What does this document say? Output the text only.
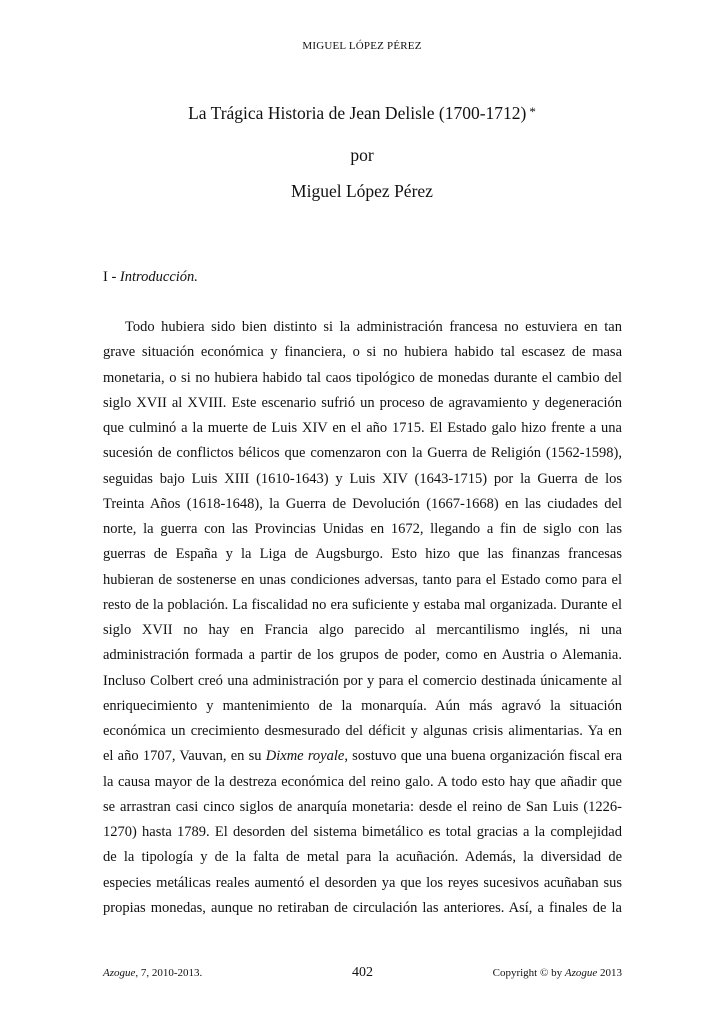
MIGUEL LÓPEZ PÉREZ
La Trágica Historia de Jean Delisle (1700-1712) *
por
Miguel López Pérez
I - Introducción.
Todo hubiera sido bien distinto si la administración francesa no estuviera en tan
grave situación económica y financiera, o si no hubiera habido tal escasez de masa
monetaria, o si no hubiera habido tal caos tipológico de monedas durante el cambio del
siglo XVII al XVIII. Este escenario sufrió un proceso de agravamiento y degeneración
que culminó a la muerte de Luis XIV en el año 1715. El Estado galo hizo frente a una
sucesión de conflictos bélicos que comenzaron con la Guerra de Religión (1562-1598),
seguidas bajo Luis XIII (1610-1643) y Luis XIV (1643-1715) por la Guerra de los
Treinta Años (1618-1648), la Guerra de Devolución (1667-1668) en las ciudades del
norte, la guerra con las Provincias Unidas en 1672, llegando a fin de siglo con las
guerras de España y la Liga de Augsburgo. Esto hizo que las finanzas francesas
hubieran de sostenerse en unas condiciones adversas, tanto para el Estado como para el
resto de la población. La fiscalidad no era suficiente y estaba mal organizada. Durante el
siglo XVII no hay en Francia algo parecido al mercantilismo inglés, ni una
administración formada a partir de los grupos de poder, como en Austria o Alemania.
Incluso Colbert creó una administración por y para el comercio destinada únicamente al
enriquecimiento y mantenimiento de la monarquía. Aún más agravó la situación
económica un crecimiento desmesurado del déficit y algunas crisis alimentarias. Ya en
el año 1707, Vauvan, en su Dixme royale, sostuvo que una buena organización fiscal era
la causa mayor de la destreza económica del reino galo. A todo esto hay que añadir que
se arrastran casi cinco siglos de anarquía monetaria: desde el reino de San Luis (1226-
1270) hasta 1789. El desorden del sistema bimetálico es total gracias a la complejidad
de la tipología y de la falta de metal para la acuñación. Además, la diversidad de
especies metálicas reales aumentó el desorden ya que los reyes sucesivos acuñaban sus
propias monedas, aunque no retiraban de circulación las anteriores. Así, a finales de la
Azogue, 7, 2010-2013.	402	Copyright © by Azogue 2013
